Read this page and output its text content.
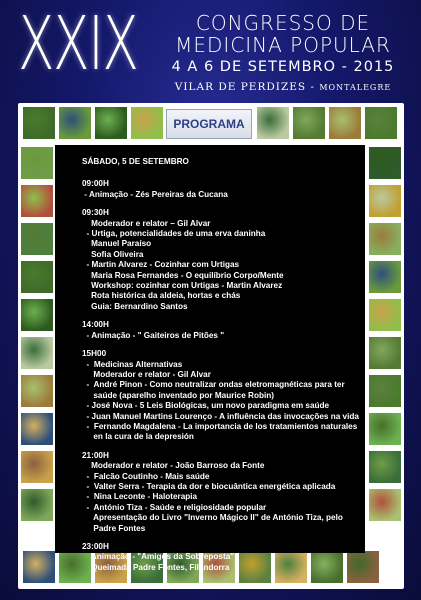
XXIX	CONGRESSO DE
MEDICINA POPULAR
4 A 6 DE SETEMBRO - 2015
VILAR DE PERDIZES - MONTALEGRE
PROGRAMA
SÁBADO, 5 DE SETEMBRO
09:00H
- Animação - Zés Pereiras da Cucana
09:30H
Moderador e relator – Gil Alvar
- Urtiga, potencialidades de uma erva daninha
Manuel Paraíso
Sofia Oliveira
- Martin Alvarez - Cozinhar com Urtigas
Maria Rosa Fernandes - O equilíbrio Corpo/Mente
Workshop: cozinhar com Urtigas - Martin Alvarez
Rota histórica da aldeia, hortas e chás
Guia: Bernardino Santos
14:00H
- Animação - " Gaiteiros de Pitões "
15H00
-  Medicinas Alternativas
Moderador e relator - Gil Alvar
-  André Pinon - Como neutralizar ondas eletromagnéticas para ter
saúde (aparelho inventado por Maurice Robin)
- José Nova - 5 Leis Biológicas, um novo paradigma em saúde
- Juan Manuel Martins Lourenço - A influência das invocações na vida
-  Fernando Magdalena - La importancia de los tratamientos naturales
en la cura de la depresión
21:00H
Moderador e relator - João Barroso da Fonte
-  Falcão Coutinho - Mais saúde
-  Valter Serra - Terapia da dor e biocuântica energética aplicada
-  Nina Leconte - Haloterapia
-  António Tiza - Saúde e religiosidade popular
Apresentação do Livro "Inverno Mágico II" de António Tiza, pelo
Padre Fontes
23:00H
Animação - "Amigos da Sobreposta"
Queimada Padre Fontes, Filandorra
